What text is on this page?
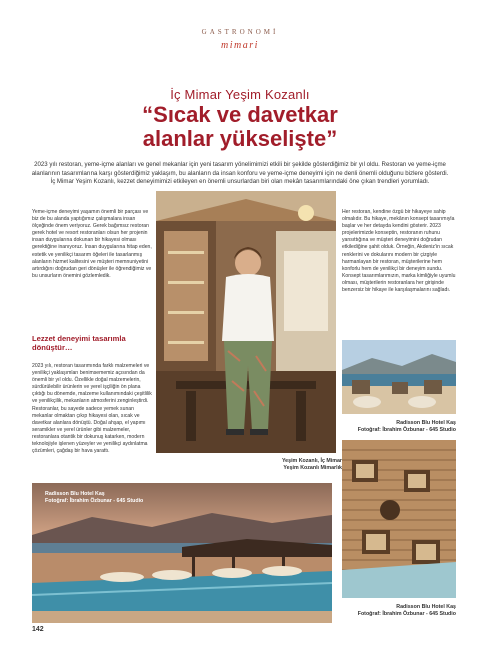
GASTRONOMİ
mimari
İç Mimar Yeşim Kozanlı
“Sıcak ve davetkar
alanlar yükselişte”

2023 yılı restoran, yeme-içme alanları ve genel mekanlar için yeni tasarım yönelimimizi etkili bir şekilde gösterdiğimiz bir yıl oldu. Restoran ve yeme-içme alanlarının tasarımlarına karşı gösterdiğimiz yaklaşım, bu alanların da insan konforu ve yeme-içme deneyimi için ne denli önemli olduğunu bizlere gösterdi. İç Mimar Yeşim Kozanlı, kezzet deneyimimizi etkileyen en önemli unsurlardan biri olan mekân tasarımlarındaki öne çıkan trendleri yorumladı.

Yeme-içme deneyimi yaşamın önemli bir parçası ve biz de bu alanda yaptığımız çalışmalara insan ölçeğinde önem veriyoruz. Gerek bağımsız restoran gerek hotel ve resort restoranları olsun her projenin insan duygularına dokunan bir hikayesi olması gerektiğine inanıyoruz. İnsan duygularına hitap eden, estetik ve yenilikçi tasarım öğeleri ile tasarlanmış alanların hizmet kalitesini ve müşteri memnuniyetini artırdığını doğrudan geri dönüşler ile öğrendiğimiz ve bu unsurların önemini gözlemledik.

Lezzet deneyimi tasarımla dönüştür…

2023 yılı, restoran tasarımında farklı malzemeleri ve yenilikçi yaklaşımları benimsememiz açısından da önemli bir yıl oldu. Özellikle doğal malzemelerin, sürdürülebilir ürünlerin ve yerel işçiliğin ön plana çıktığı bu dönemde, malzeme kullanımındaki çeşitlilik ve yenilikçilik, mekanların atmosferini zenginleştirdi. Restoranlar, bu sayede sadece yemek sunan mekanlar olmaktan çıkıp hikayesi olan, sıcak ve davetkar alanlara dönüştü. Doğal ahşap, el yapımı seramikler ve yerel ürünler gibi malzemeler, restoranlara otantik bir dokunuş katarken, modern teknolojiyle işlenen yüzeyler ve yenilikçi aydınlatma çözümleri, çağdaş bir hava yarattı.

Her restoran, kendine özgü bir hikayeye sahip olmalıdır. Bu hikaye, mekânın konsept tasarımıyla başlar ve her detayda kendini gösterir. 2023 projelerimizde konseptin, restoranın ruhunu yansıttığına ve müşteri deneyimini doğrudan etkilediğine şahit olduk. Örneğin, Akdeniz’in sıcak renklerini ve dokularını modern bir çizgiyle harmanlayan bir restoran, müşterilerine hem konforlu hem de yenilikçi bir deneyim sundu. Konsept tasarımlarımızın, marka kimliğiyle uyumlu olması, müşterilerin restoranlara her girişinde benzersiz bir hikaye ile karşılaşmalarını sağladı.

Yeşim Kozanlı, İç Mimar
Yeşim Kozanlı Mimarlık
Radisson Blu Hotel Kaş
Fotoğraf: İbrahim Özbunar - 645 Studio
Radisson Blu Hotel Kaş
Fotoğraf: İbrahim Özbunar - 645 Studio
Radisson Blu Hotel Kaş
Fotoğraf: İbrahim Özbunar - 645 Studio
142
